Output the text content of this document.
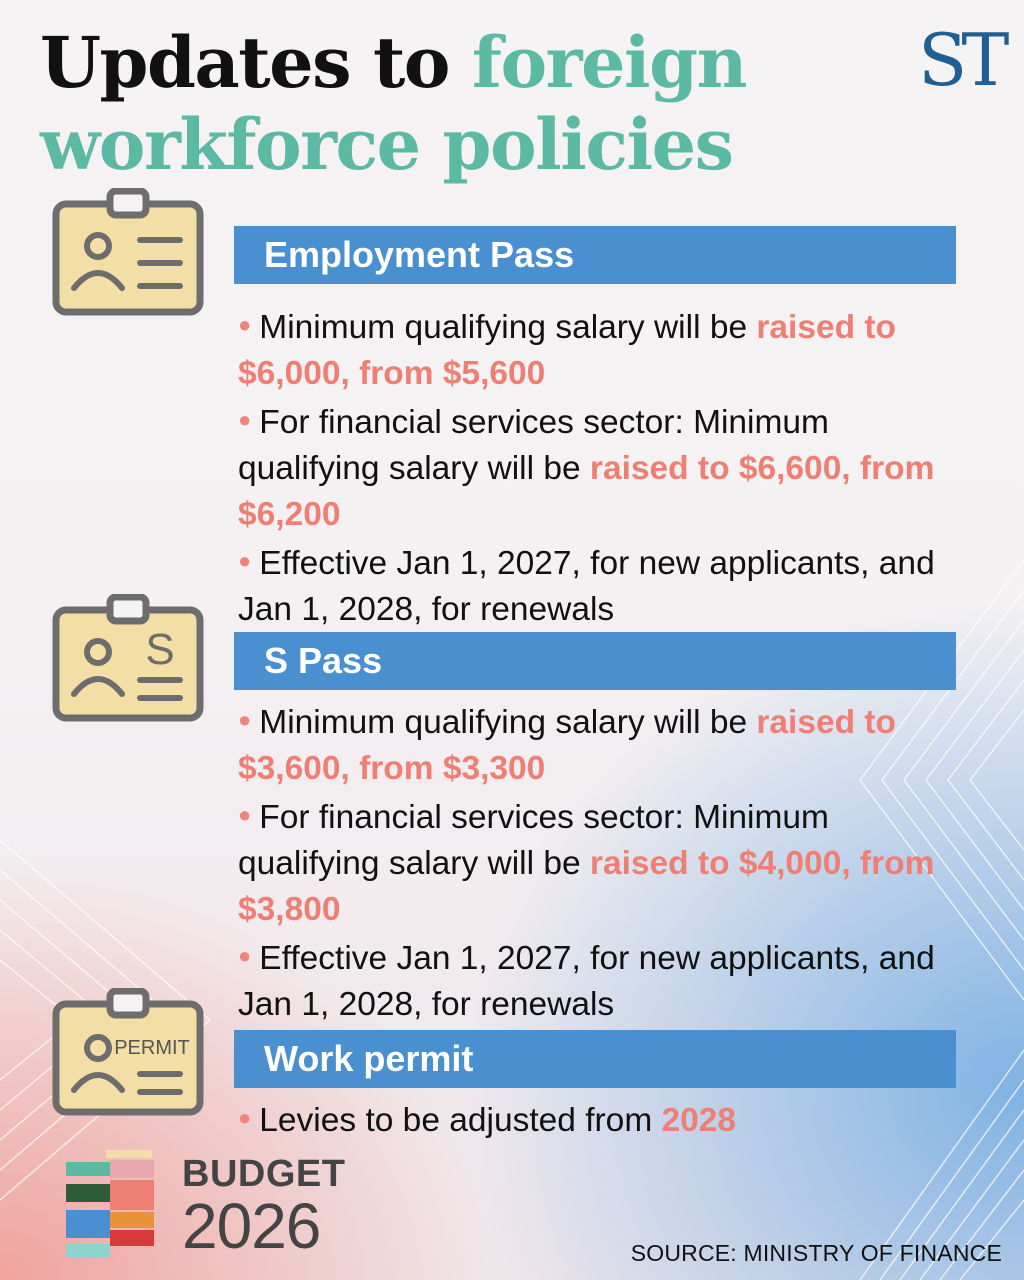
Updates to foreign
workforce policies
ST
Employment Pass

● Minimum qualifying salary will be raised to $6,000, from $5,600

● For financial services sector: Minimum qualifying salary will be raised to $6,600, from $6,200

● Effective Jan 1, 2027, for new applicants, and Jan 1, 2028, for renewals

S	S Pass

● Minimum qualifying salary will be raised to $3,600, from $3,300

● For financial services sector: Minimum qualifying salary will be raised to $4,000, from $3,800

● Effective Jan 1, 2027, for new applicants, and Jan 1, 2028, for renewals

PERMIT	Work permit

● Levies to be adjusted from 2028

BUDGET
2026	SOURCE: MINISTRY OF FINANCE
